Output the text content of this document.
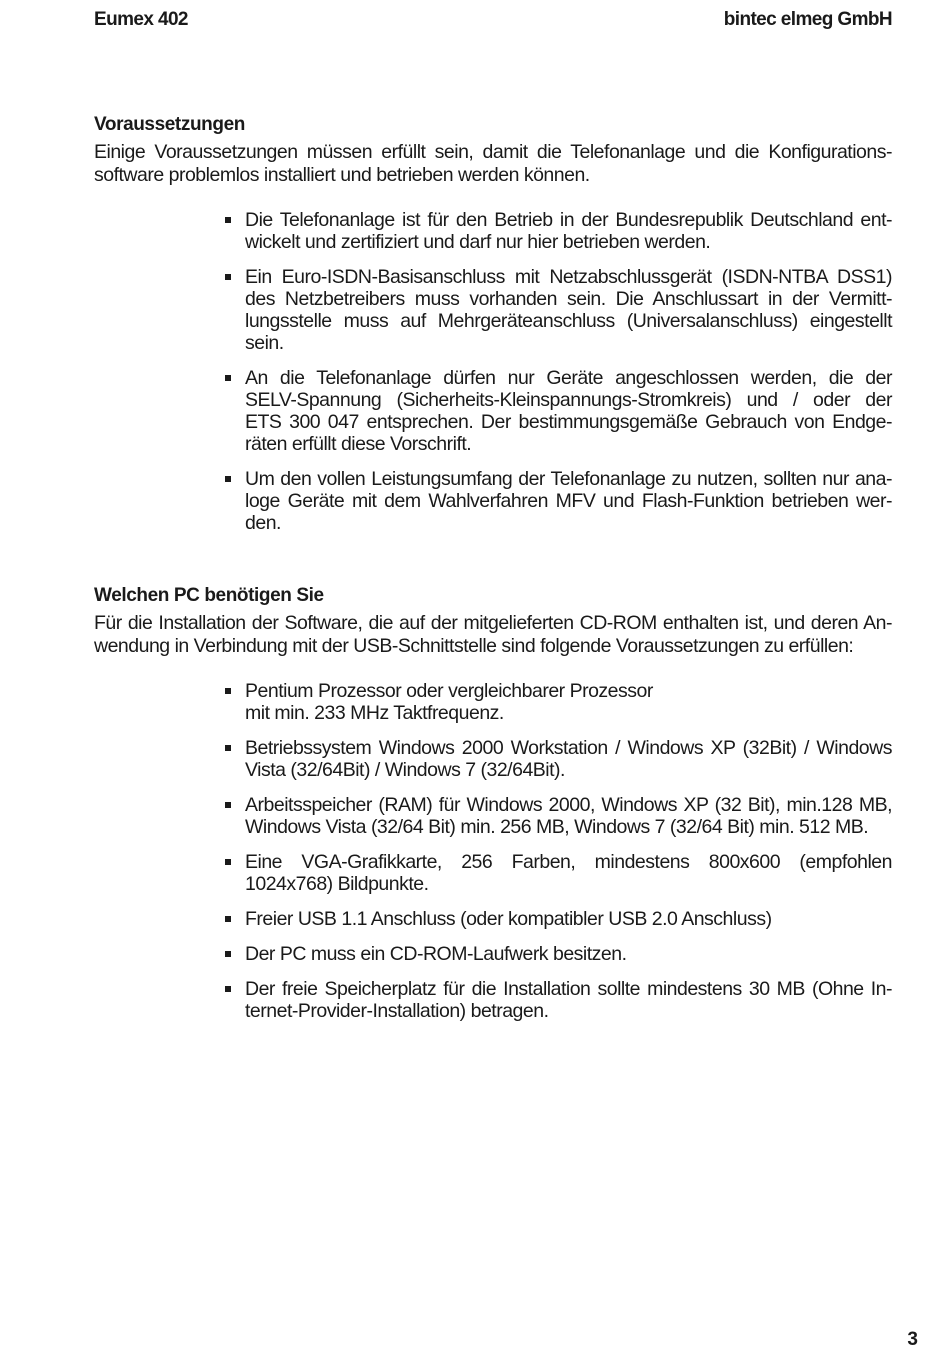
Eumex 402	bintec elmeg GmbH
Voraussetzungen
Einige Voraussetzungen müssen erfüllt sein, damit die Telefonanlage und die Konfigurations-
software problemlos installiert und betrieben werden können.
Die Telefonanlage ist für den Betrieb in der Bundesrepublik Deutschland ent-
wickelt und zertifiziert und darf nur hier betrieben werden.
Ein Euro-ISDN-Basisanschluss mit Netzabschlussgerät (ISDN-NTBA DSS1)
des Netzbetreibers muss vorhanden sein. Die Anschlussart in der Vermitt-
lungsstelle muss auf Mehrgeräteanschluss (Universalanschluss) eingestellt
sein.
An die Telefonanlage dürfen nur Geräte angeschlossen werden, die der
SELV-Spannung (Sicherheits-Kleinspannungs-Stromkreis) und / oder der
ETS 300 047 entsprechen. Der bestimmungsgemäße Gebrauch von Endge-
räten erfüllt diese Vorschrift.
Um den vollen Leistungsumfang der Telefonanlage zu nutzen, sollten nur ana-
loge Geräte mit dem Wahlverfahren MFV und Flash-Funktion betrieben wer-
den.
Welchen PC benötigen Sie
Für die Installation der Software, die auf der mitgelieferten CD-ROM enthalten ist, und deren An-
wendung in Verbindung mit der USB-Schnittstelle sind folgende Voraussetzungen zu erfüllen:
Pentium Prozessor oder vergleichbarer Prozessor
mit min. 233 MHz Taktfrequenz.
Betriebssystem Windows 2000 Workstation / Windows XP (32Bit) / Windows
Vista (32/64Bit) / Windows 7 (32/64Bit).
Arbeitsspeicher (RAM) für Windows 2000, Windows XP (32 Bit), min.128 MB,
Windows Vista (32/64 Bit) min. 256 MB, Windows 7 (32/64 Bit) min. 512 MB.
Eine VGA-Grafikkarte, 256 Farben, mindestens 800x600 (empfohlen
1024x768) Bildpunkte.
Freier USB 1.1 Anschluss (oder kompatibler USB 2.0 Anschluss)
Der PC muss ein CD-ROM-Laufwerk besitzen.
Der freie Speicherplatz für die Installation sollte mindestens 30 MB (Ohne In-
ternet-Provider-Installation) betragen.
3
